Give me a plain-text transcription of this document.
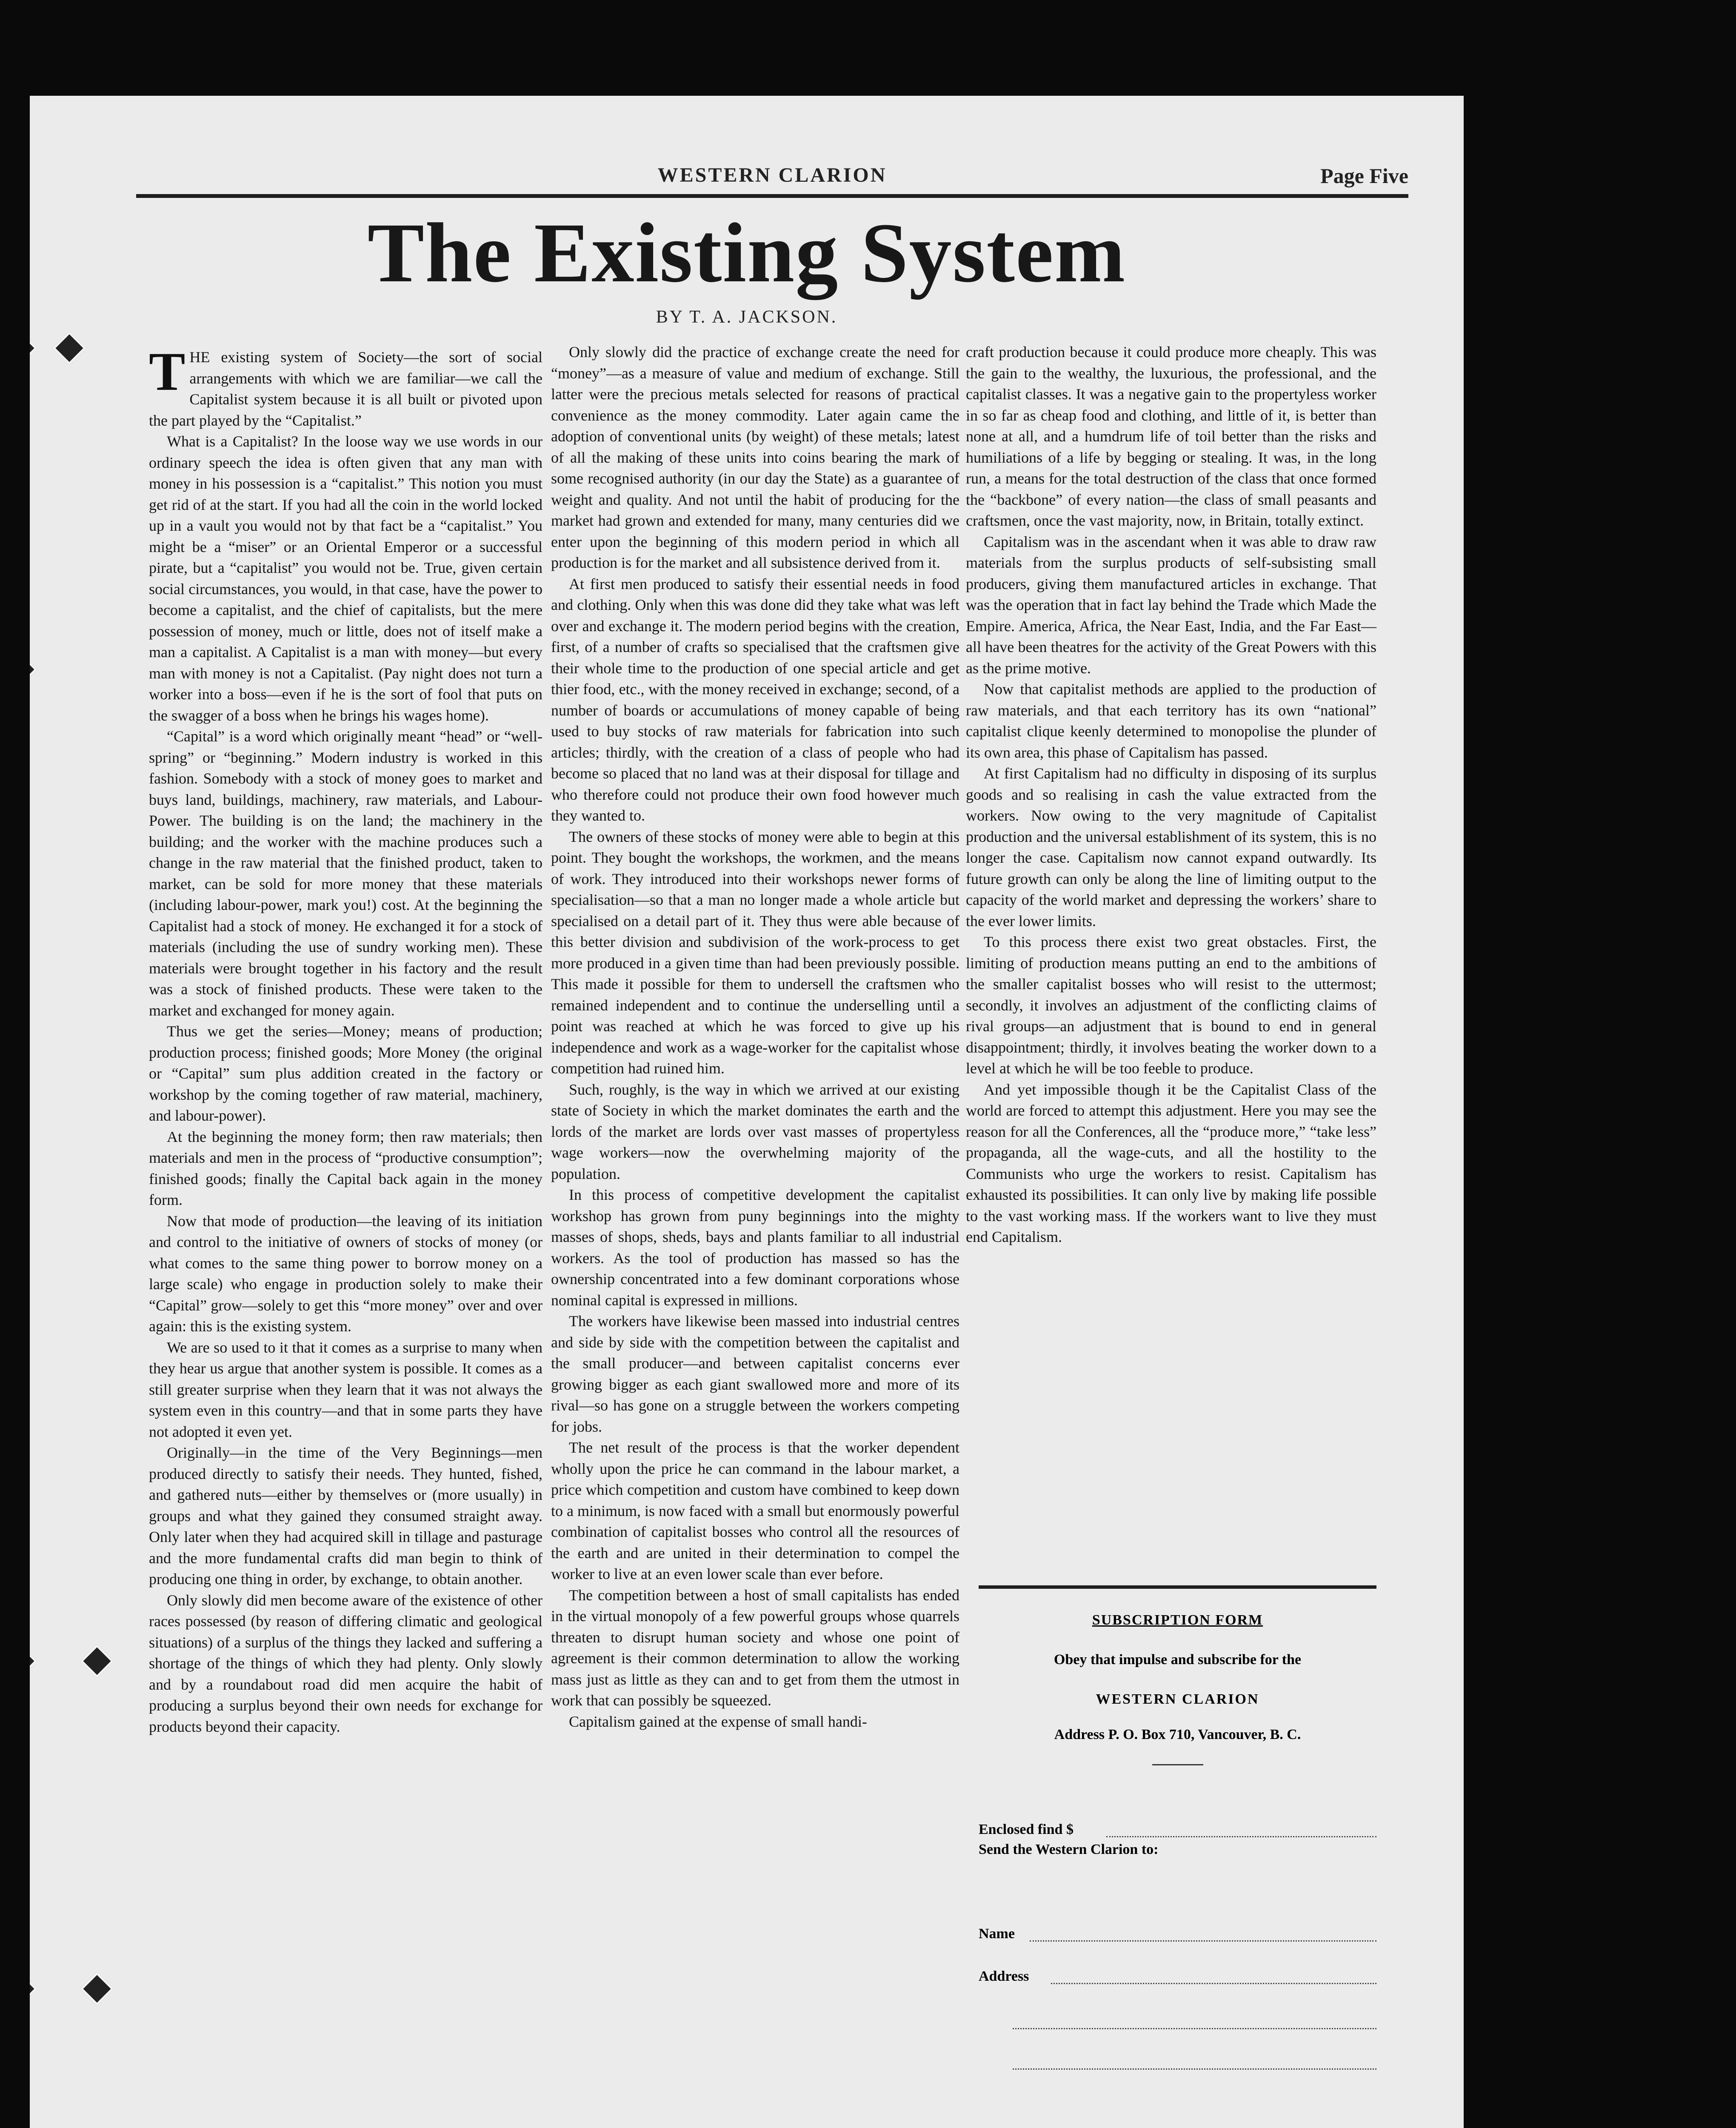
WESTERN CLARION	Page Five
The Existing System
BY T. A. JACKSON.

THE existing system of Society—the sort of social arrangements with which we are familiar—we call the Capitalist system because it is all built or pivoted upon the part played by the “Capitalist.”

What is a Capitalist? In the loose way we use words in our ordinary speech the idea is often given that any man with money in his possession is a “capitalist.” This notion you must get rid of at the start. If you had all the coin in the world locked up in a vault you would not by that fact be a “capitalist.” You might be a “miser” or an Oriental Emperor or a successful pirate, but a “capitalist” you would not be. True, given certain social circumstances, you would, in that case, have the power to become a capitalist, and the chief of capitalists, but the mere possession of money, much or little, does not of itself make a man a capitalist. A Capitalist is a man with money—but every man with money is not a Capitalist. (Pay night does not turn a worker into a boss—even if he is the sort of fool that puts on the swagger of a boss when he brings his wages home).

“Capital” is a word which originally meant “head” or “well-spring” or “beginning.” Modern industry is worked in this fashion. Somebody with a stock of money goes to market and buys land, buildings, machinery, raw materials, and Labour-Power. The building is on the land; the machinery in the building; and the worker with the machine produces such a change in the raw material that the finished product, taken to market, can be sold for more money that these materials (including labour-power, mark you!) cost. At the beginning the Capitalist had a stock of money. He exchanged it for a stock of materials (including the use of sundry working men). These materials were brought together in his factory and the result was a stock of finished products. These were taken to the market and exchanged for money again.

Thus we get the series—Money; means of production; production process; finished goods; More Money (the original or “Capital” sum plus addition created in the factory or workshop by the coming together of raw material, machinery, and labour-power).

At the beginning the money form; then raw materials; then materials and men in the process of “productive consumption”; finished goods; finally the Capital back again in the money form.

Now that mode of production—the leaving of its initiation and control to the initiative of owners of stocks of money (or what comes to the same thing power to borrow money on a large scale) who engage in production solely to make their “Capital” grow—solely to get this “more money” over and over again: this is the existing system.

We are so used to it that it comes as a surprise to many when they hear us argue that another system is possible. It comes as a still greater surprise when they learn that it was not always the system even in this country—and that in some parts they have not adopted it even yet.

Originally—in the time of the Very Beginnings—men produced directly to satisfy their needs. They hunted, fished, and gathered nuts—either by themselves or (more usually) in groups and what they gained they consumed straight away. Only later when they had acquired skill in tillage and pasturage and the more fundamental crafts did man begin to think of producing one thing in order, by exchange, to obtain another.

Only slowly did men become aware of the existence of other races possessed (by reason of differing climatic and geological situations) of a surplus of the things they lacked and suffering a shortage of the things of which they had plenty. Only slowly and by a roundabout road did men acquire the habit of producing a surplus beyond their own needs for exchange for products beyond their capacity.

Only slowly did the practice of exchange create the need for “money”—as a measure of value and medium of exchange. Still latter were the precious metals selected for reasons of practical convenience as the money commodity. Later again came the adoption of conventional units (by weight) of these metals; latest of all the making of these units into coins bearing the mark of some recognised authority (in our day the State) as a guarantee of weight and quality. And not until the habit of producing for the market had grown and extended for many, many centuries did we enter upon the beginning of this modern period in which all production is for the market and all subsistence derived from it.

At first men produced to satisfy their essential needs in food and clothing. Only when this was done did they take what was left over and exchange it. The modern period begins with the creation, first, of a number of crafts so specialised that the craftsmen give their whole time to the production of one special article and get thier food, etc., with the money received in exchange; second, of a number of boards or accumulations of money capable of being used to buy stocks of raw materials for fabrication into such articles; thirdly, with the creation of a class of people who had become so placed that no land was at their disposal for tillage and who therefore could not produce their own food however much they wanted to.

The owners of these stocks of money were able to begin at this point. They bought the workshops, the workmen, and the means of work. They introduced into their workshops newer forms of specialisation—so that a man no longer made a whole article but specialised on a detail part of it. They thus were able because of this better division and subdivision of the work-process to get more produced in a given time than had been previously possible. This made it possible for them to undersell the craftsmen who remained independent and to continue the underselling until a point was reached at which he was forced to give up his independence and work as a wage-worker for the capitalist whose competition had ruined him.

Such, roughly, is the way in which we arrived at our existing state of Society in which the market dominates the earth and the lords of the market are lords over vast masses of propertyless wage workers—now the overwhelming majority of the population.

In this process of competitive development the capitalist workshop has grown from puny beginnings into the mighty masses of shops, sheds, bays and plants familiar to all industrial workers. As the tool of production has massed so has the ownership concentrated into a few dominant corporations whose nominal capital is expressed in millions.

The workers have likewise been massed into industrial centres and side by side with the competition between the capitalist and the small producer—and between capitalist concerns ever growing bigger as each giant swallowed more and more of its rival—so has gone on a struggle between the workers competing for jobs.

The net result of the process is that the worker dependent wholly upon the price he can command in the labour market, a price which competition and custom have combined to keep down to a minimum, is now faced with a small but enormously powerful combination of capitalist bosses who control all the resources of the earth and are united in their determination to compel the worker to live at an even lower scale than ever before.

The competition between a host of small capitalists has ended in the virtual monopoly of a few powerful groups whose quarrels threaten to disrupt human society and whose one point of agreement is their common determination to allow the working mass just as little as they can and to get from them the utmost in work that can possibly be squeezed.

Capitalism gained at the expense of small handi-

craft production because it could produce more cheaply. This was the gain to the wealthy, the luxurious, the professional, and the capitalist classes. It was a negative gain to the propertyless worker in so far as cheap food and clothing, and little of it, is better than none at all, and a humdrum life of toil better than the risks and humiliations of a life by begging or stealing. It was, in the long run, a means for the total destruction of the class that once formed the “backbone” of every nation—the class of small peasants and craftsmen, once the vast majority, now, in Britain, totally extinct.

Capitalism was in the ascendant when it was able to draw raw materials from the surplus products of self-subsisting small producers, giving them manufactured articles in exchange. That was the operation that in fact lay behind the Trade which Made the Empire. America, Africa, the Near East, India, and the Far East—all have been theatres for the activity of the Great Powers with this as the prime motive.

Now that capitalist methods are applied to the production of raw materials, and that each territory has its own “national” capitalist clique keenly determined to monopolise the plunder of its own area, this phase of Capitalism has passed.

At first Capitalism had no difficulty in disposing of its surplus goods and so realising in cash the value extracted from the workers. Now owing to the very magnitude of Capitalist production and the universal establishment of its system, this is no longer the case. Capitalism now cannot expand outwardly. Its future growth can only be along the line of limiting output to the capacity of the world market and depressing the workers’ share to the ever lower limits.

To this process there exist two great obstacles. First, the limiting of production means putting an end to the ambitions of the smaller capitalist bosses who will resist to the uttermost; secondly, it involves an adjustment of the conflicting claims of rival groups—an adjustment that is bound to end in general disappointment; thirdly, it involves beating the worker down to a level at which he will be too feeble to produce.

And yet impossible though it be the Capitalist Class of the world are forced to attempt this adjustment. Here you may see the reason for all the Conferences, all the “produce more,” “take less” propaganda, all the wage-cuts, and all the hostility to the Communists who urge the workers to resist. Capitalism has exhausted its possibilities. It can only live by making life possible to the vast working mass. If the workers want to live they must end Capitalism.

SUBSCRIPTION FORM
Obey that impulse and subscribe for the
WESTERN CLARION
Address P. O. Box 710, Vancouver, B. C.
Enclosed find $
Send the Western Clarion to:
Name
Address
